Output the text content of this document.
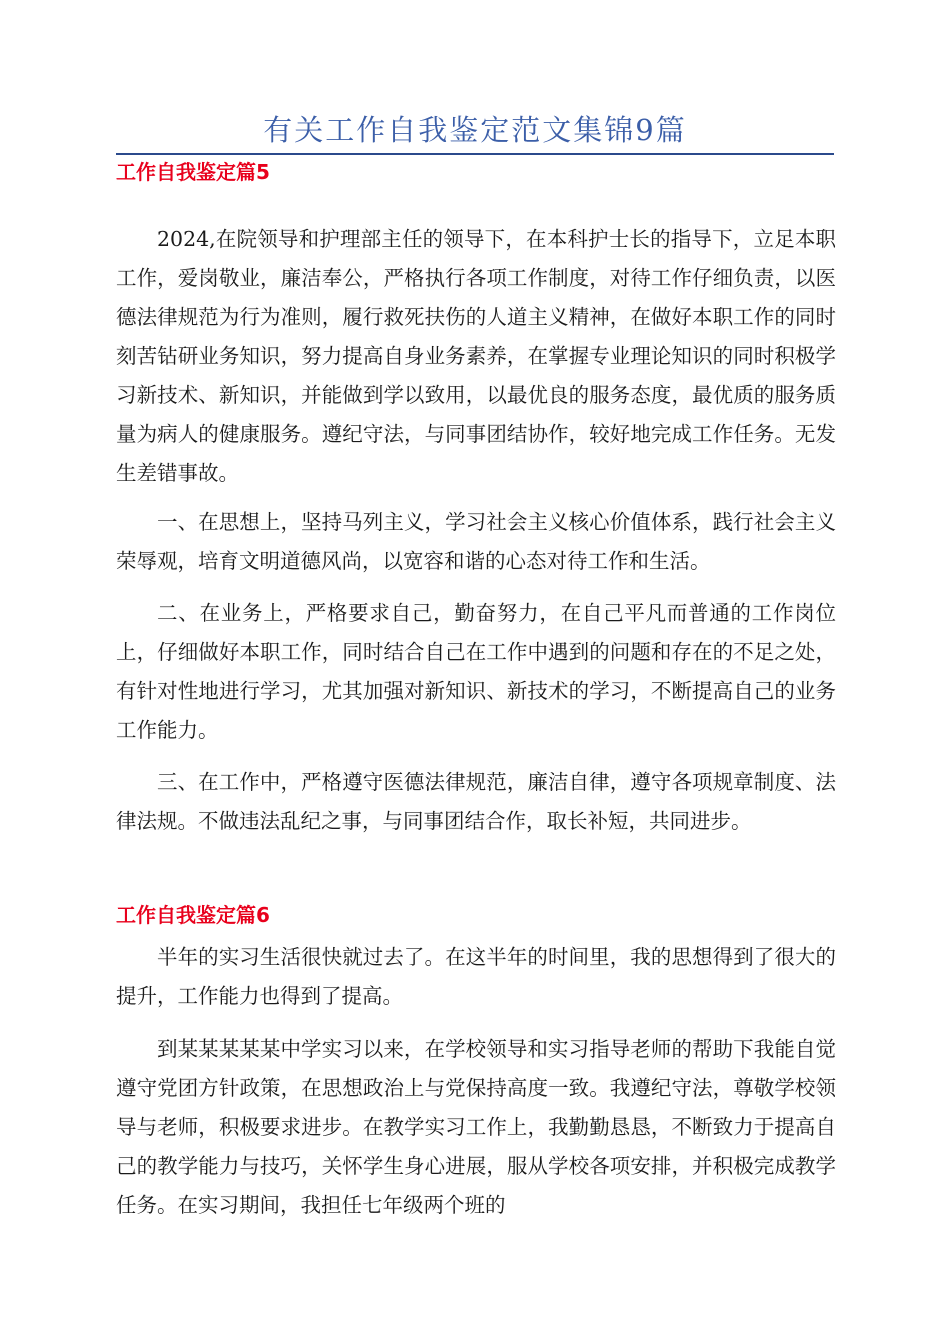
有关工作自我鉴定范文集锦9篇
工作自我鉴定篇5

2024,在院领导和护理部主任的领导下，在本科护士长的指导下，立足本职工作，爱岗敬业，廉洁奉公，严格执行各项工作制度，对待工作仔细负责，以医德法律规范为行为准则，履行救死扶伤的人道主义精神，在做好本职工作的同时刻苦钻研业务知识，努力提高自身业务素养，在掌握专业理论知识的同时积极学习新技术、新知识，并能做到学以致用，以最优良的服务态度，最优质的服务质量为病人的健康服务。遵纪守法，与同事团结协作，较好地完成工作任务。无发生差错事故。

一、在思想上，坚持马列主义，学习社会主义核心价值体系，践行社会主义荣辱观，培育文明道德风尚，以宽容和谐的心态对待工作和生活。

二、在业务上，严格要求自己，勤奋努力，在自己平凡而普通的工作岗位上，仔细做好本职工作，同时结合自己在工作中遇到的问题和存在的不足之处，有针对性地进行学习，尤其加强对新知识、新技术的学习，不断提高自己的业务工作能力。

三、在工作中，严格遵守医德法律规范，廉洁自律，遵守各项规章制度、法律法规。不做违法乱纪之事，与同事团结合作，取长补短，共同进步。

工作自我鉴定篇6

半年的实习生活很快就过去了。在这半年的时间里，我的思想得到了很大的提升，工作能力也得到了提高。

到某某某某某中学实习以来，在学校领导和实习指导老师的帮助下我能自觉遵守党团方针政策，在思想政治上与党保持高度一致。我遵纪守法，尊敬学校领导与老师，积极要求进步。在教学实习工作上，我勤勤恳恳，不断致力于提高自己的教学能力与技巧，关怀学生身心进展，服从学校各项安排，并积极完成教学任务。在实习期间，我担任七年级两个班的
